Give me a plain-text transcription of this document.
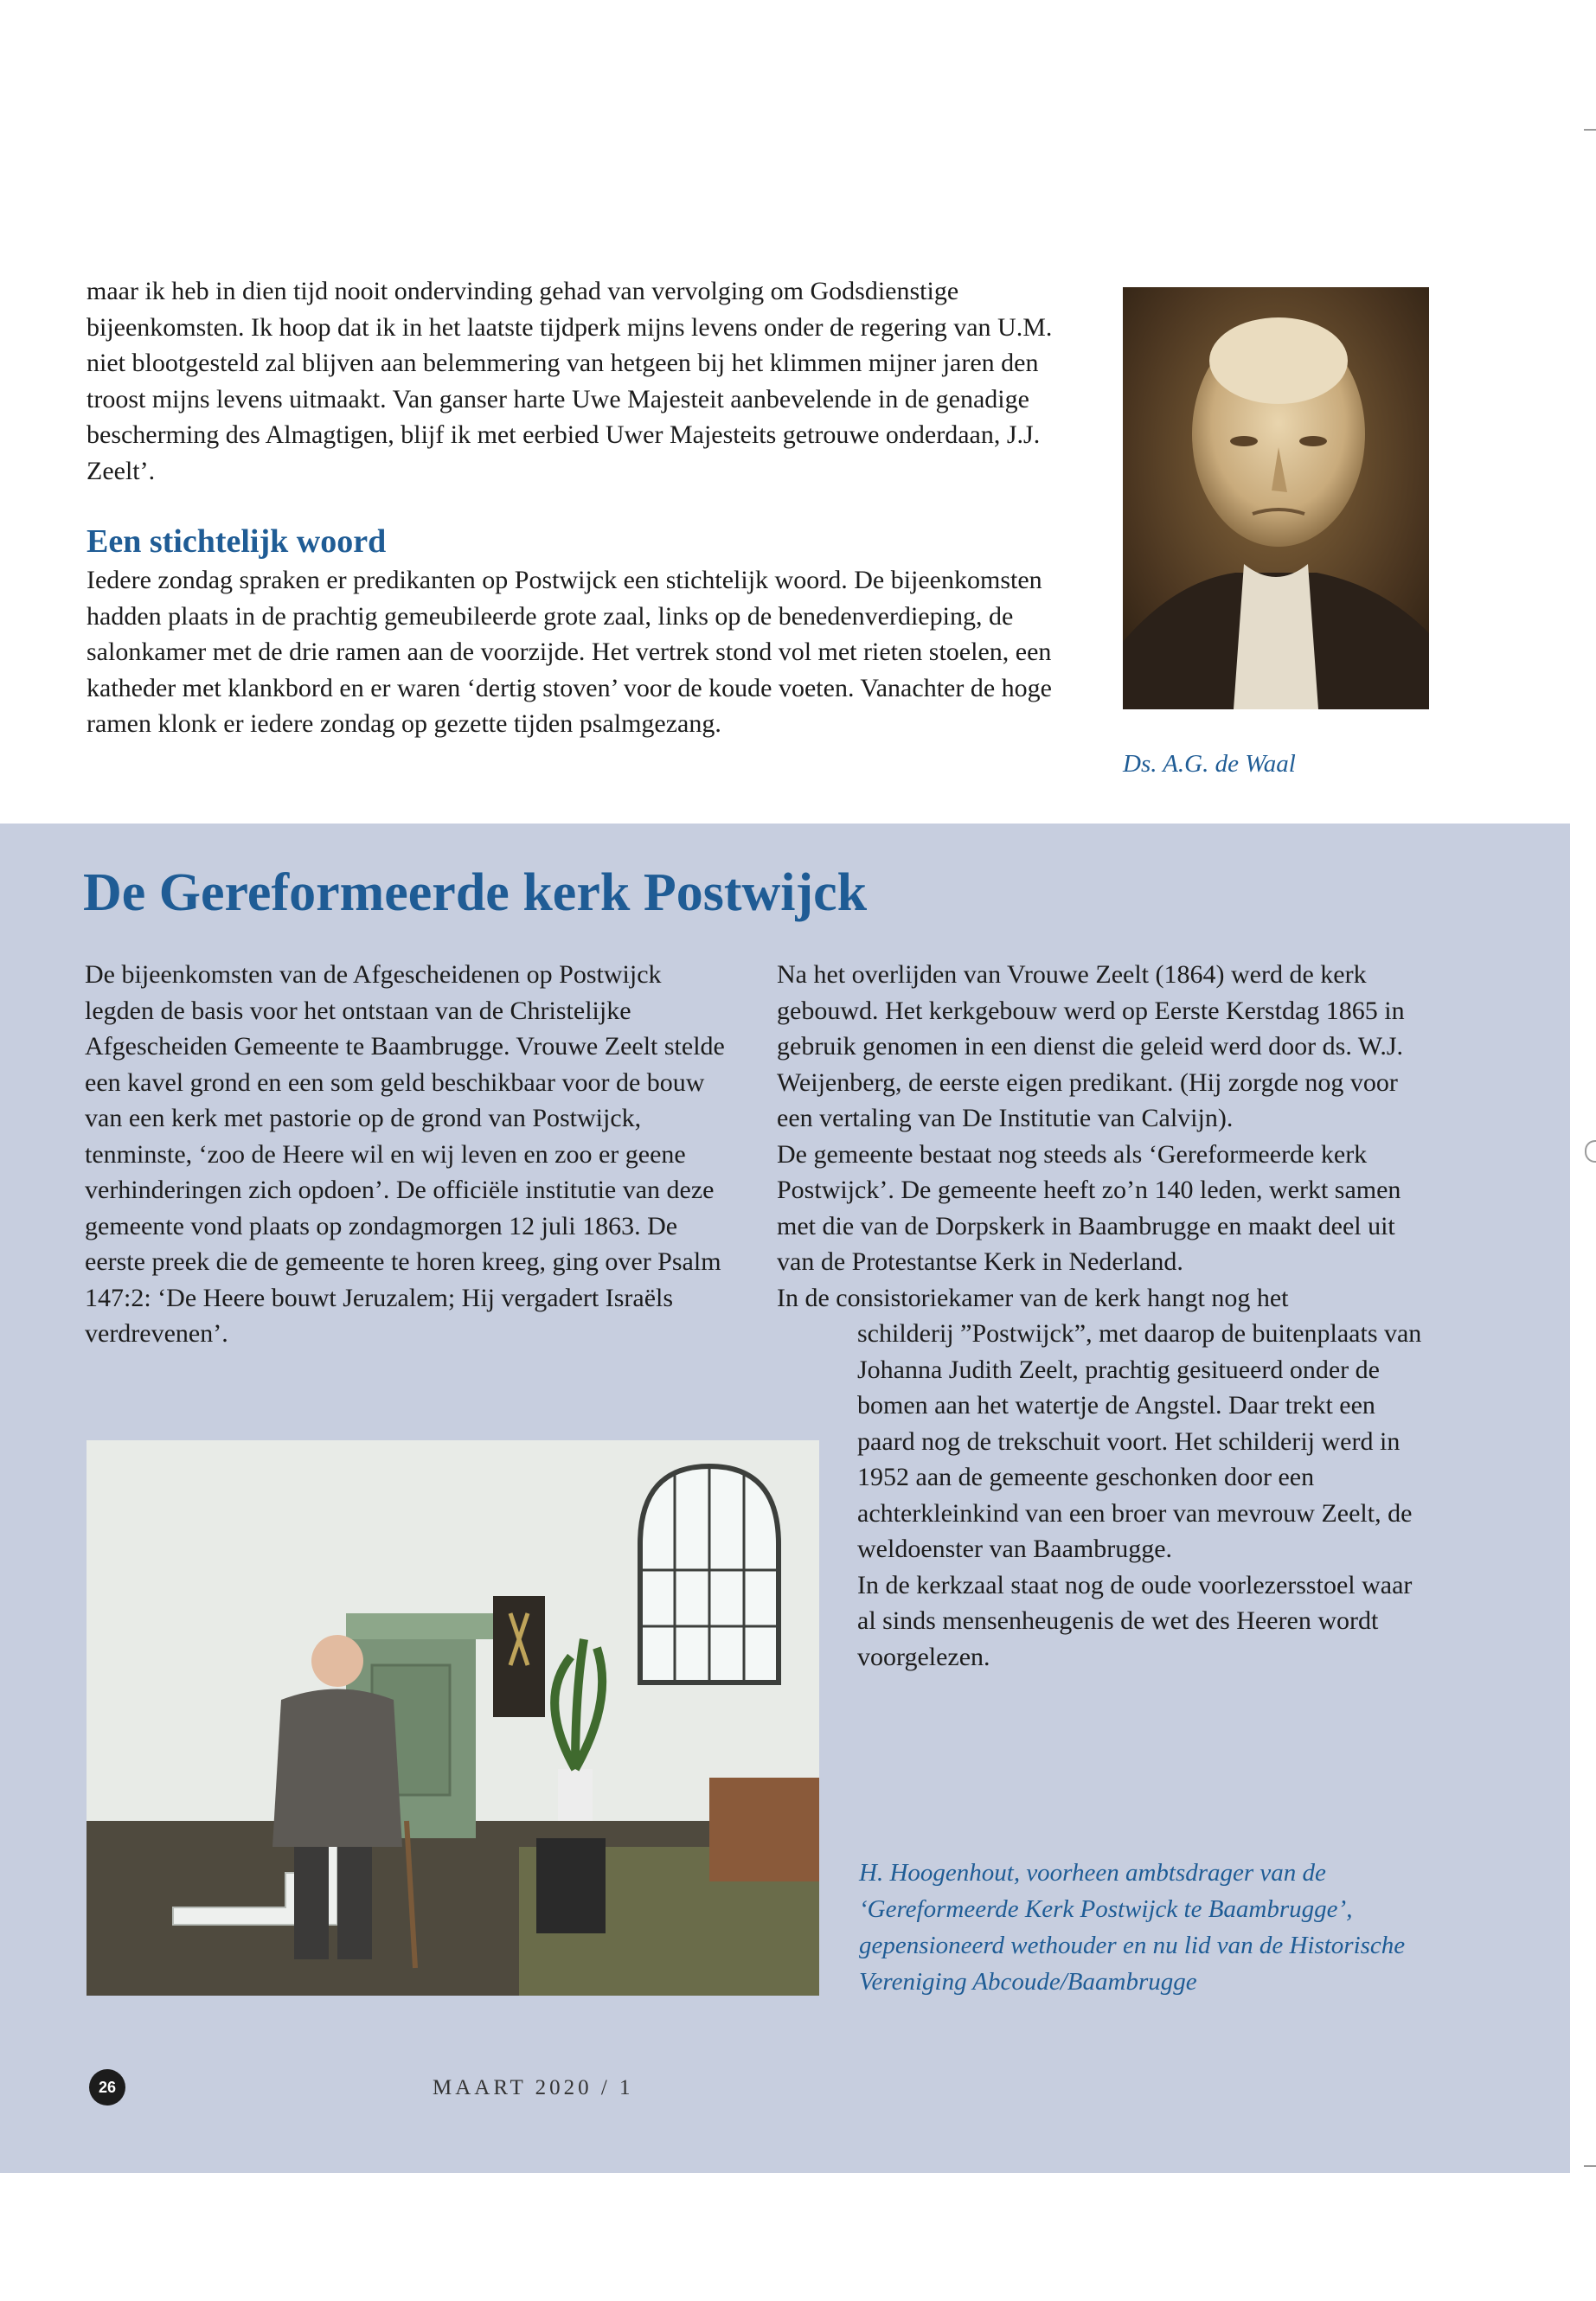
maar ik heb in dien tijd nooit ondervinding gehad van vervolging om Godsdienstige bijeenkomsten. Ik hoop dat ik in het laatste tijdperk mijns levens onder de regering van U.M. niet blootgesteld zal blijven aan belemmering van hetgeen bij het klimmen mijner jaren den troost mijns levens uitmaakt. Van ganser harte Uwe Majesteit aanbevelende in de genadige bescherming des Almagtigen, blijf ik met eerbied Uwer Majesteits getrouwe onderdaan, J.J. Zeelt’.

Een stichtelijk woord

Iedere zondag spraken er predikanten op Postwijck een stichtelijk woord. De bijeenkomsten hadden plaats in de prachtig gemeubileerde grote zaal, links op de benedenverdieping, de salonkamer met de drie ramen aan de voorzijde. Het vertrek stond vol met rieten stoelen, een katheder met klankbord en er waren ‘dertig stoven’ voor de koude voeten. Vanachter de hoge ramen klonk er iedere zondag op gezette tijden psalmgezang.

Ds. A.G. de Waal

De Gereformeerde kerk Postwijck

De bijeenkomsten van de Afgescheidenen op Postwijck legden de basis voor het ontstaan van de Christelijke Afgescheiden Gemeente te Baambrugge. Vrouwe Zeelt stelde een kavel grond en een som geld beschikbaar voor de bouw van een kerk met pastorie op de grond van Postwijck, tenminste, ‘zoo de Heere wil en wij leven en zoo er geene verhinderingen zich opdoen’. De officiële institutie van deze gemeente vond plaats op zondagmorgen 12 juli 1863. De eerste preek die de gemeente te horen kreeg, ging over Psalm 147:2: ‘De Heere bouwt Jeruzalem; Hij vergadert Israëls verdrevenen’.

Na het overlijden van Vrouwe Zeelt (1864) werd de kerk gebouwd. Het kerkgebouw werd op Eerste Kerstdag 1865 in gebruik genomen in een dienst die geleid werd door ds. W.J. Weijenberg, de eerste eigen predikant. (Hij zorgde nog voor een vertaling van De Institutie van Calvijn).

De gemeente bestaat nog steeds als ‘Gereformeerde kerk Postwijck’. De gemeente heeft zo’n 140 leden, werkt samen met die van de Dorpskerk in Baambrugge en maakt deel uit van de Protestantse Kerk in Nederland.

In de consistoriekamer van de kerk hangt nog het

schilderij ”Postwijck”, met daarop de buitenplaats van Johanna Judith Zeelt, prachtig gesitueerd onder de bomen aan het watertje de Angstel. Daar trekt een paard nog de trekschuit voort. Het schilderij werd in 1952 aan de gemeente geschonken door een achterkleinkind van een broer van mevrouw Zeelt, de weldoenster van Baambrugge.

In de kerkzaal staat nog de oude voorlezersstoel waar al sinds mensenheugenis de wet des Heeren wordt voorgelezen.

H. Hoogenhout, voorheen ambtsdrager van de ‘Gereformeerde Kerk Postwijck te Baambrugge’, gepensioneerd wethouder en nu lid van de Historische Vereniging Abcoude/Baambrugge

26	MAART 2020 / 1
